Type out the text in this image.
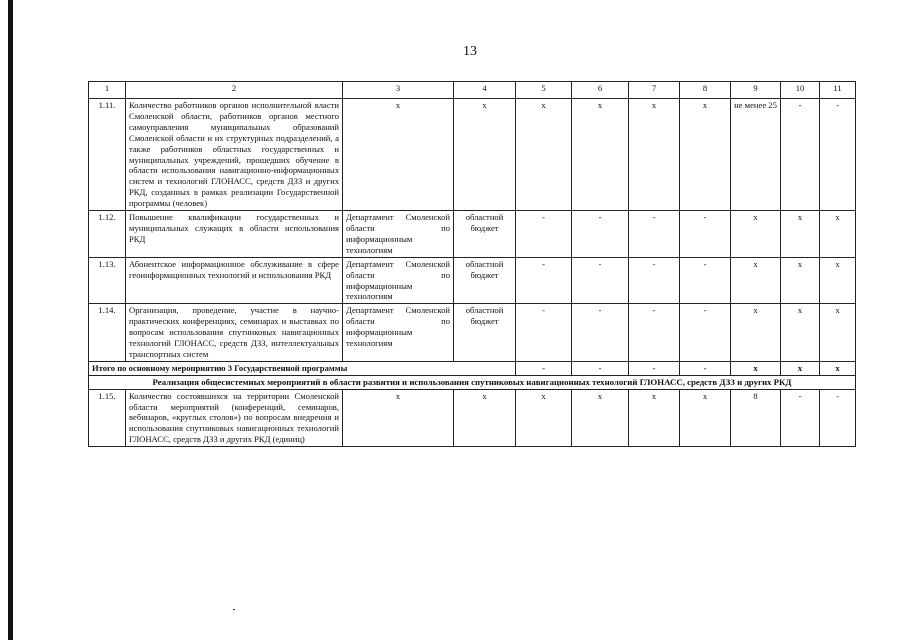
13
1	2	3	4	5	6	7	8	9	10	11
1.11.	Количество работников органов исполнительной власти Смоленской области, работников органов местного самоуправления муниципальных образований Смоленской области и их структурных подразделений, а также работников областных государственных и муниципальных учреждений, прошедших обучение в области использования навигационно-информационных систем и технологий ГЛОНАСС, средств ДЗЗ и других РКД, созданных в рамках реализации Государственной программы (человек)	х	х	х	х	х	х	не менее 25	-	-
1.12.	Повышение квалификации государственных и муниципальных служащих в области использования РКД	Департамент Смоленской области по информационным технологиям	областной бюджет	-	-	-	-	х	х	х
1.13.	Абонентское информационное обслуживание в сфере геоинформационных технологий и использования РКД	Департамент Смоленской области по информационным технологиям	областной бюджет	-	-	-	-	х	х	х
1.14.	Организация, проведение, участие в научно-практических конференциях, семинарах и выставках по вопросам использования спутниковых навигационных технологий ГЛОНАСС, средств ДЗЗ, интеллектуальных транспортных систем	Департамент Смоленской области по информационным технологиям	областной бюджет	-	-	-	-	х	х	х
Итого по основному мероприятию 3 Государственной программы				-	-	-	-	х	х	х
Реализация общесистемных мероприятий в области развития и использования спутниковых навигационных технологий ГЛОНАСС, средств ДЗЗ и других РКД										
1.15.	Количество состоявшихся на территории Смоленской области мероприятий (конференций, семинаров, вебинаров, «круглых столов») по вопросам внедрения и использования спутниковых навигационных технологий ГЛОНАСС, средств ДЗЗ и других РКД (единиц)	х	х	х	х	х	х	8	-	-
